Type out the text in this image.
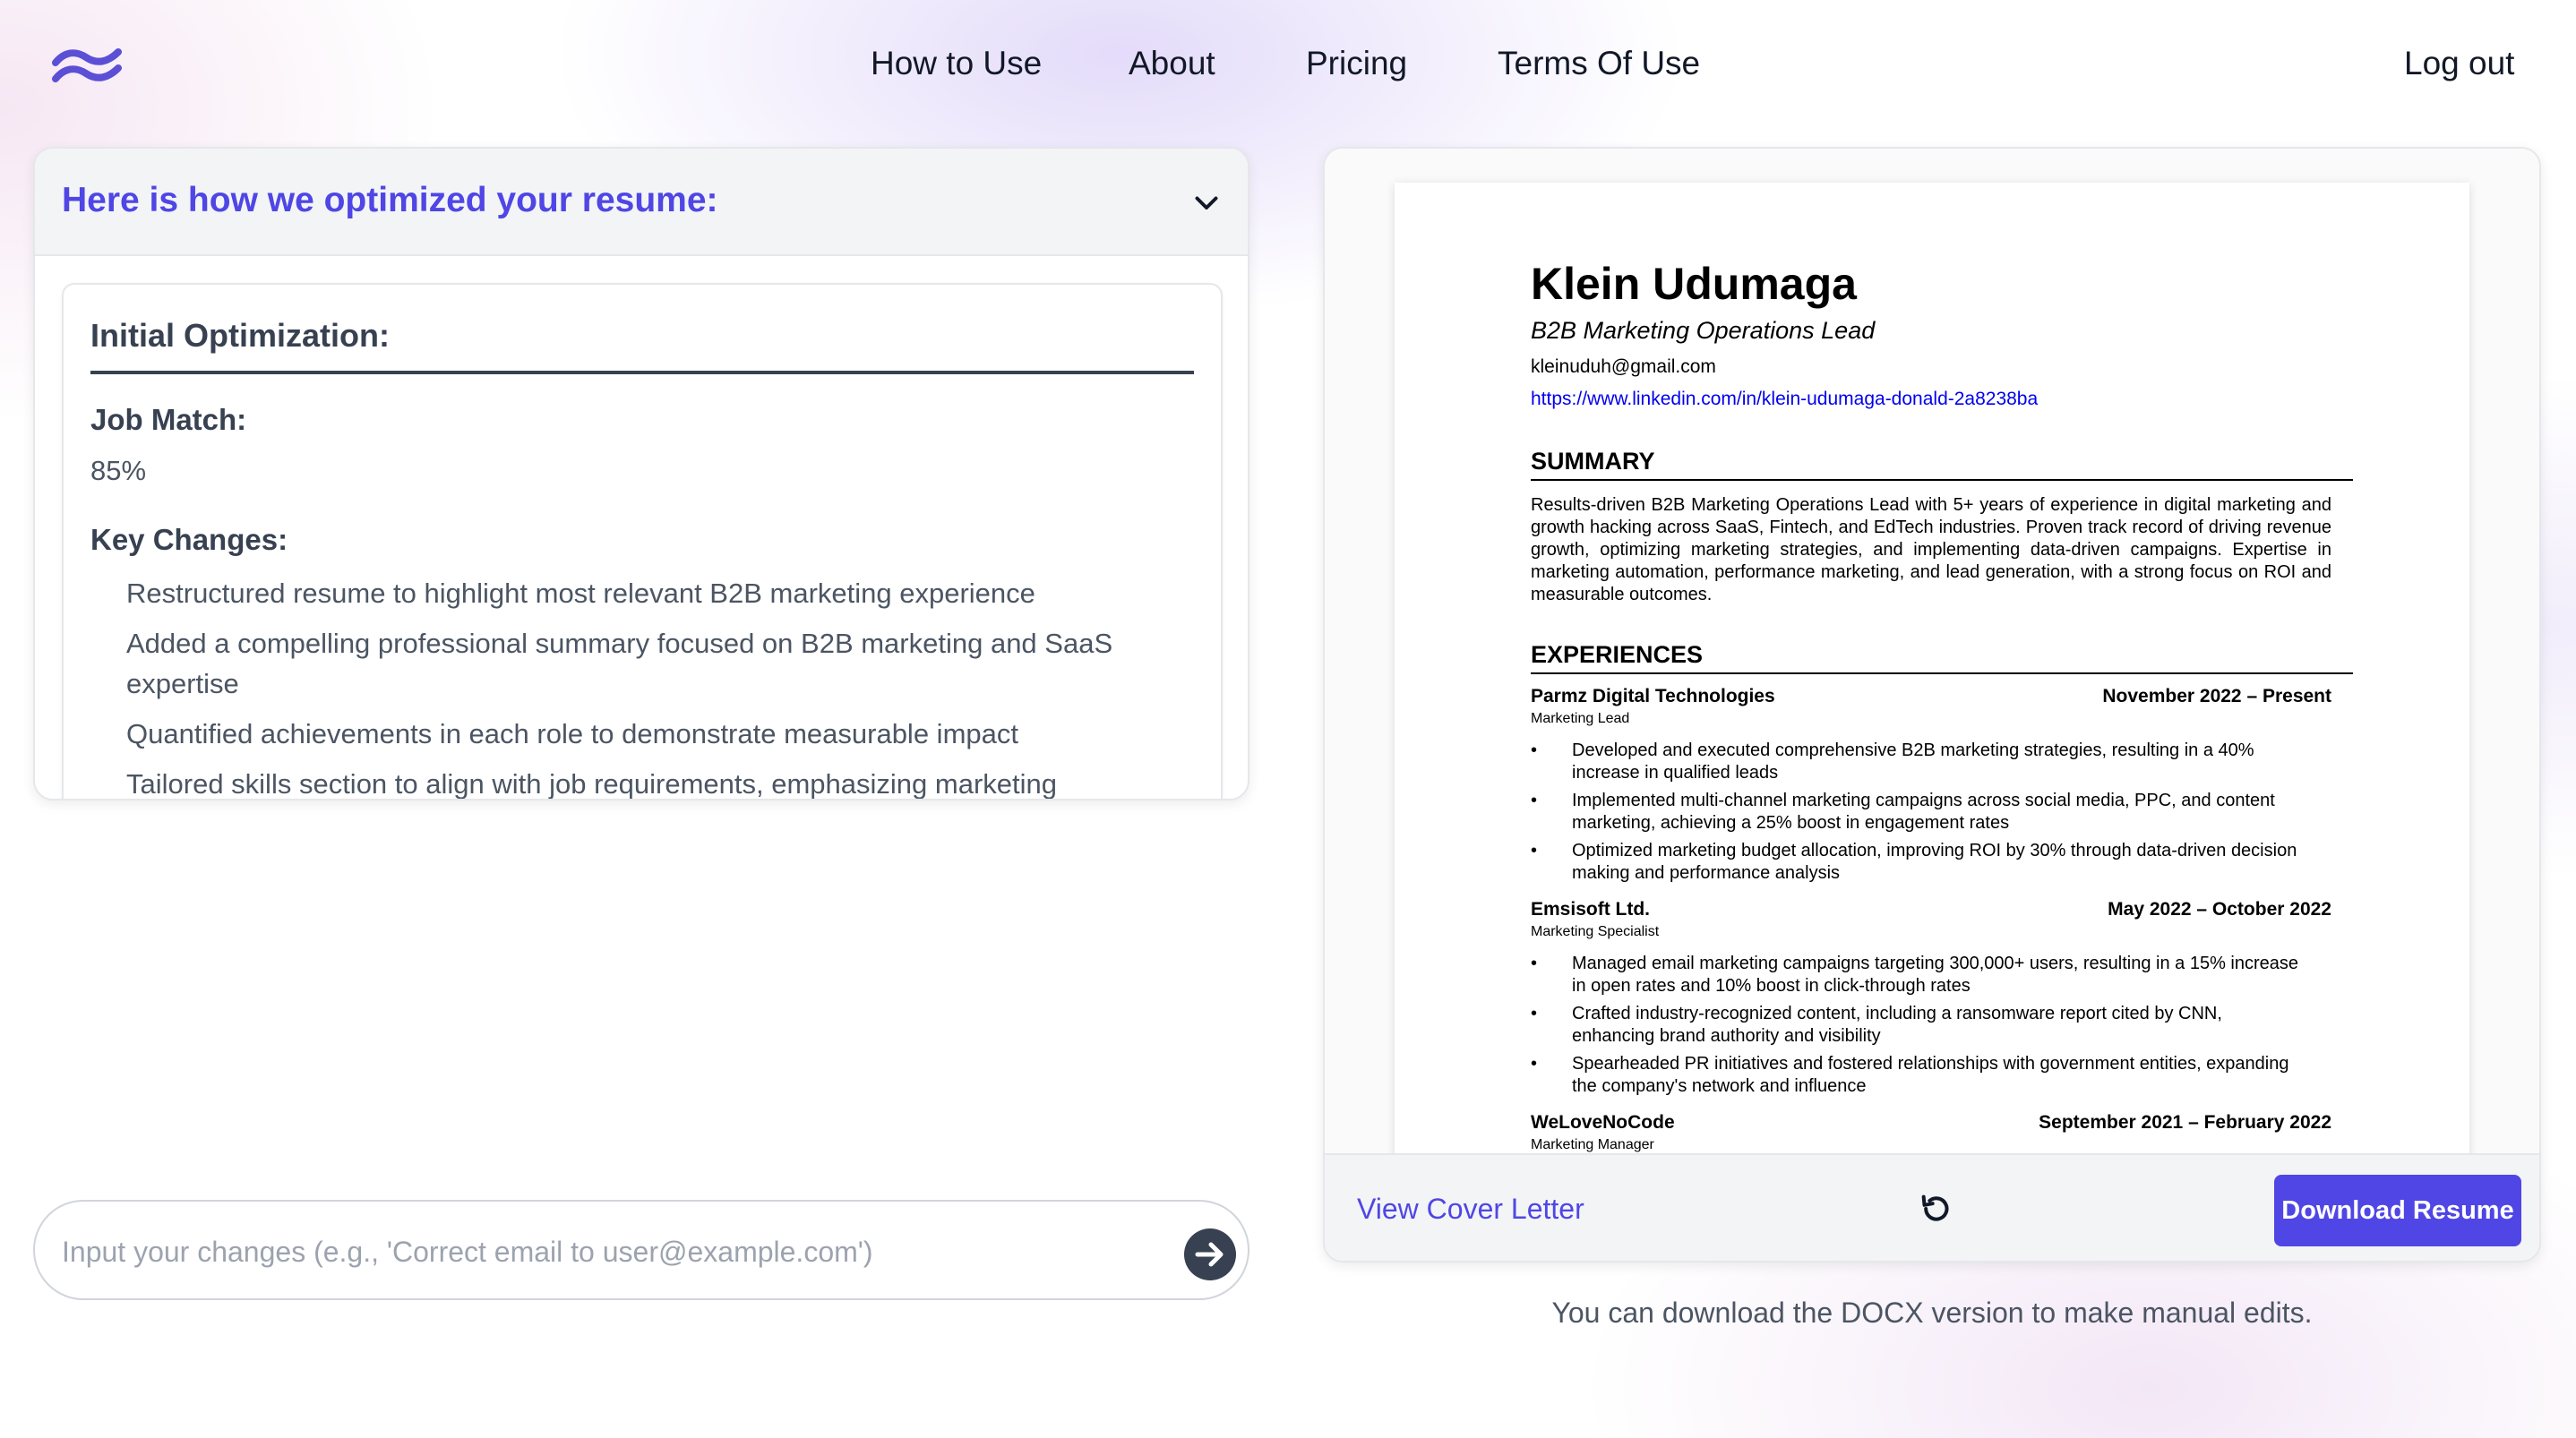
How to Use	About	Pricing	Terms Of Use	Log out
Here is how we optimized your resume:
Initial Optimization:
Job Match:
85%
Key Changes:
Restructured resume to highlight most relevant B2B marketing experience
Added a compelling professional summary focused on B2B marketing and SaaS expertise
Quantified achievements in each role to demonstrate measurable impact
Tailored skills section to align with job requirements, emphasizing marketing
Input your changes (e.g., 'Correct email to user@example.com')
Klein Udumaga
B2B Marketing Operations Lead
kleinuduh@gmail.com
https://www.linkedin.com/in/klein-udumaga-donald-2a8238ba
SUMMARY
Results-driven B2B Marketing Operations Lead with 5+ years of experience in digital marketing and growth hacking across SaaS, Fintech, and EdTech industries. Proven track record of driving revenue growth, optimizing marketing strategies, and implementing data-driven campaigns. Expertise in marketing automation, performance marketing, and lead generation, with a strong focus on ROI and measurable outcomes.
EXPERIENCES
Parmz Digital Technologies	November 2022 – Present
Marketing Lead
• Developed and executed comprehensive B2B marketing strategies, resulting in a 40% increase in qualified leads
• Implemented multi-channel marketing campaigns across social media, PPC, and content marketing, achieving a 25% boost in engagement rates
• Optimized marketing budget allocation, improving ROI by 30% through data-driven decision making and performance analysis
Emsisoft Ltd.	May 2022 – October 2022
Marketing Specialist
• Managed email marketing campaigns targeting 300,000+ users, resulting in a 15% increase in open rates and 10% boost in click-through rates
• Crafted industry-recognized content, including a ransomware report cited by CNN, enhancing brand authority and visibility
• Spearheaded PR initiatives and fostered relationships with government entities, expanding the company's network and influence
WeLoveNoCode	September 2021 – February 2022
Marketing Manager
View Cover Letter	Download Resume
You can download the DOCX version to make manual edits.
